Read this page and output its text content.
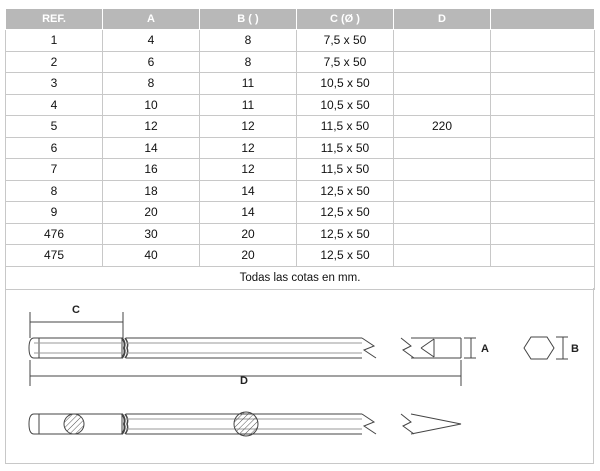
REF.	A	B ( )	C (Ø )	D	
1	4	8	7,5 x 50		
2	6	8	7,5 x 50		
3	8	11	10,5 x 50		
4	10	11	10,5 x 50		
5	12	12	11,5 x 50	220	
6	14	12	11,5 x 50		
7	16	12	11,5 x 50		
8	18	14	12,5 x 50		
9	20	14	12,5 x 50		
476	30	20	12,5 x 50		
475	40	20	12,5 x 50		
Todas las cotas en mm.					
C
D
A	B
